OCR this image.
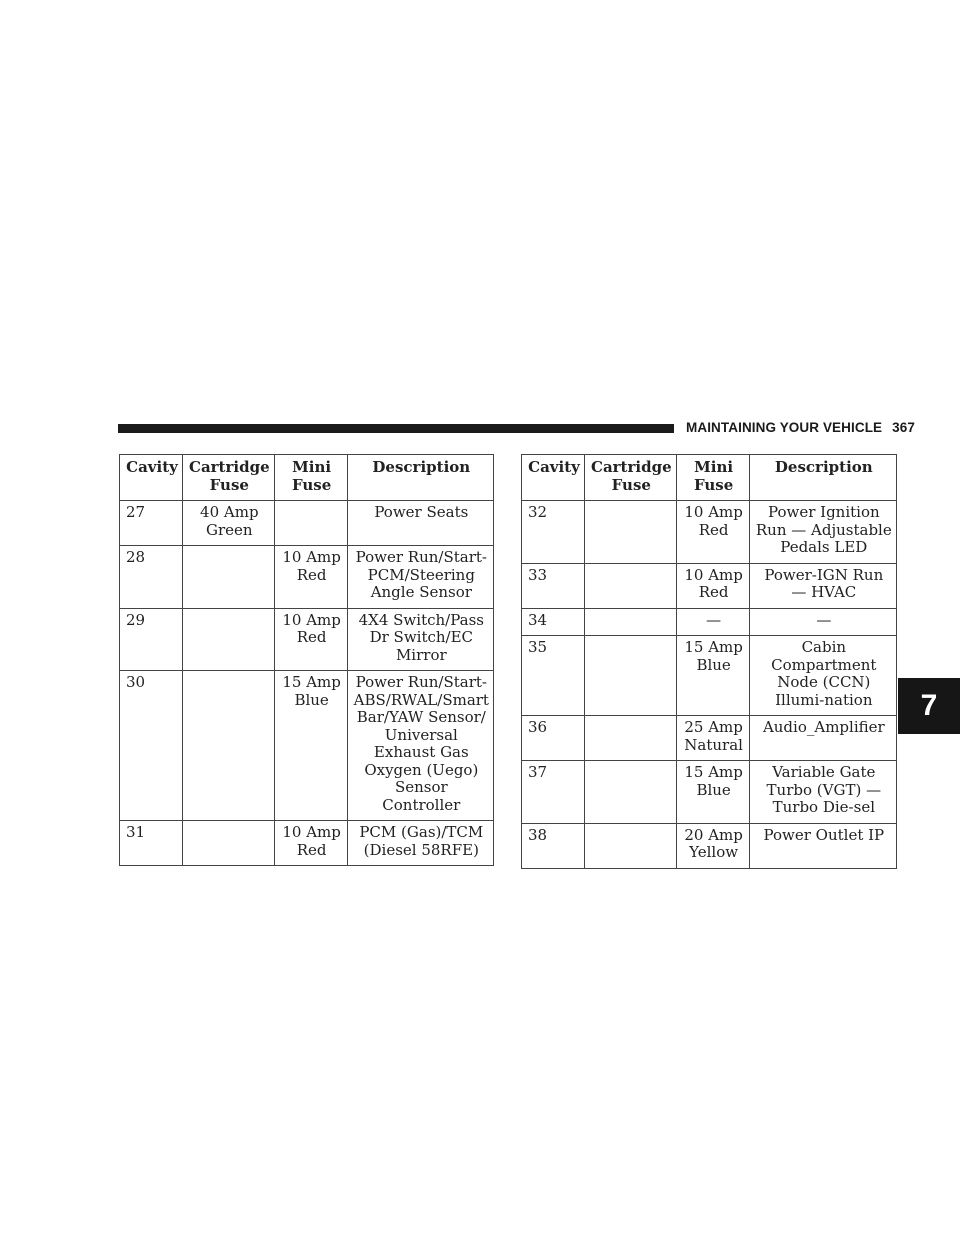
MAINTAINING YOUR VEHICLE 367
7
Cavity	Cartridge Fuse	Mini Fuse	Description
27	40 Amp Green		Power Seats
28		10 Amp Red	Power Run/Start-PCM/Steering Angle Sensor
29		10 Amp Red	4X4 Switch/Pass Dr Switch/EC Mirror
30		15 Amp Blue	Power Run/Start-ABS/RWAL/Smart Bar/YAW Sensor/ Universal Exhaust Gas Oxygen (Uego) Sensor Controller
31		10 Amp Red	PCM (Gas)/TCM (Diesel 58RFE)
Cavity	Cartridge Fuse	Mini Fuse	Description
32		10 Amp Red	Power Ignition Run — Adjustable Pedals LED
33		10 Amp Red	Power-IGN Run — HVAC
34		—	—
35		15 Amp Blue	Cabin Compartment Node (CCN) Illumi-nation
36		25 Amp Natural	Audio_Amplifier
37		15 Amp Blue	Variable Gate Turbo (VGT) — Turbo Die-sel
38		20 Amp Yellow	Power Outlet IP
